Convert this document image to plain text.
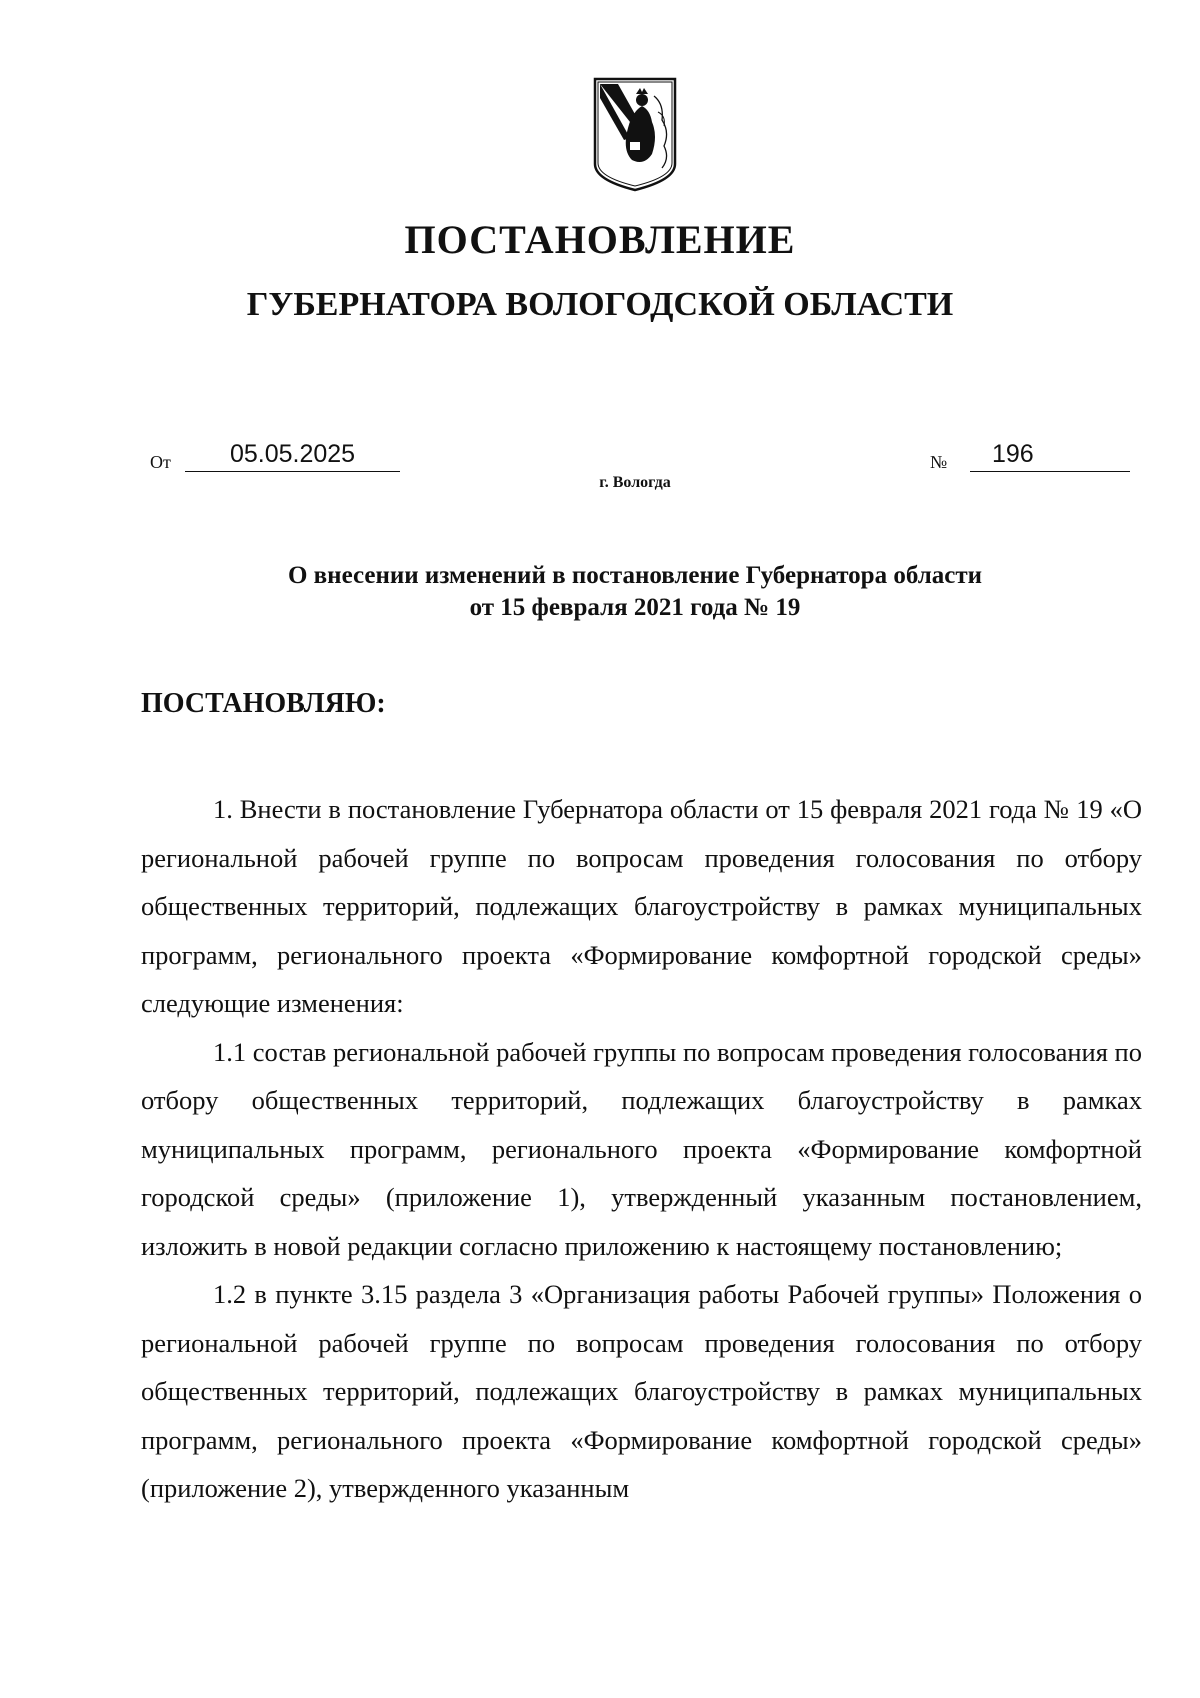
ПОСТАНОВЛЕНИЕ
ГУБЕРНАТОРА ВОЛОГОДСКОЙ ОБЛАСТИ
От	05.05.2025	№	196
г. Вологда
О внесении изменений в постановление Губернатора области
от 15 февраля 2021 года № 19
ПОСТАНОВЛЯЮ:

1. Внести в постановление Губернатора области от 15 февраля 2021 года № 19 «О региональной рабочей группе по вопросам проведения голосования по отбору общественных территорий, подлежащих благоустройству в рамках муниципальных программ, регионального проекта «Формирование комфортной городской среды» следующие изменения:

1.1 состав региональной рабочей группы по вопросам проведения голосования по отбору общественных территорий, подлежащих благоустройству в рамках муниципальных программ, регионального проекта «Формирование комфортной городской среды» (приложение 1), утвержденный указанным постановлением, изложить в новой редакции согласно приложению к настоящему постановлению;

1.2 в пункте 3.15 раздела 3 «Организация работы Рабочей группы» Положения о региональной рабочей группе по вопросам проведения голосования по отбору общественных территорий, подлежащих благоустройству в рамках муниципальных программ, регионального проекта «Формирование комфортной городской среды» (приложение 2), утвержденного указанным
